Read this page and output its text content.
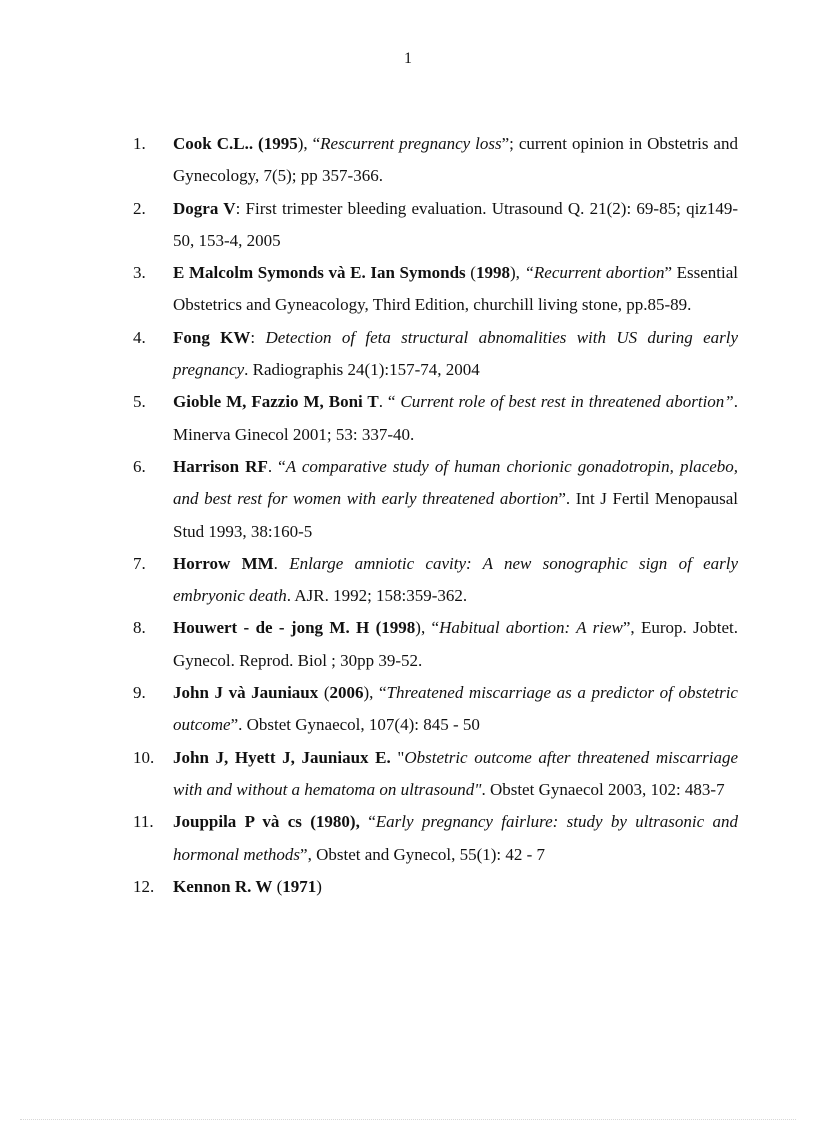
1
1. Cook C.L.. (1995), “Rescurrent pregnancy loss”; current opinion in Obstetris and Gynecology, 7(5); pp 357-366.
2. Dogra V: First trimester bleeding evaluation. Utrasound Q. 21(2): 69-85; qiz149-50, 153-4, 2005
3. E Malcolm Symonds và E. Ian Symonds (1998), “Recurrent abortion” Essential Obstetrics and Gyneacology, Third Edition, churchill living stone, pp.85-89.
4. Fong KW: Detection of feta structural abnomalities with US during early pregnancy. Radiographis 24(1):157-74, 2004
5. Gioble M, Fazzio M, Boni T. “ Current role of best rest in threatened abortion”. Minerva Ginecol 2001; 53: 337-40.
6. Harrison RF. “A comparative study of human chorionic gonadotropin, placebo, and best rest for women with early threatened abortion”. Int J Fertil Menopausal Stud 1993, 38:160-5
7. Horrow MM. Enlarge amniotic cavity: A new sonographic sign of early embryonic death. AJR. 1992; 158:359-362.
8. Houwert - de - jong M. H (1998), “Habitual abortion: A riew”, Europ. Jobtet. Gynecol. Reprod. Biol ; 30pp 39-52.
9. John J và Jauniaux (2006), “Threatened miscarriage as a predictor of obstetric outcome”. Obstet Gynaecol, 107(4): 845 - 50
10. John J, Hyett J, Jauniaux E. "Obstetric outcome after threatened miscarriage with and without a hematoma on ultrasound". Obstet Gynaecol 2003, 102: 483-7
11. Jouppila P và cs (1980), “Early pregnancy fairlure: study by ultrasonic and hormonal methods”, Obstet and Gynecol, 55(1): 42 - 7
12. Kennon R. W (1971)
